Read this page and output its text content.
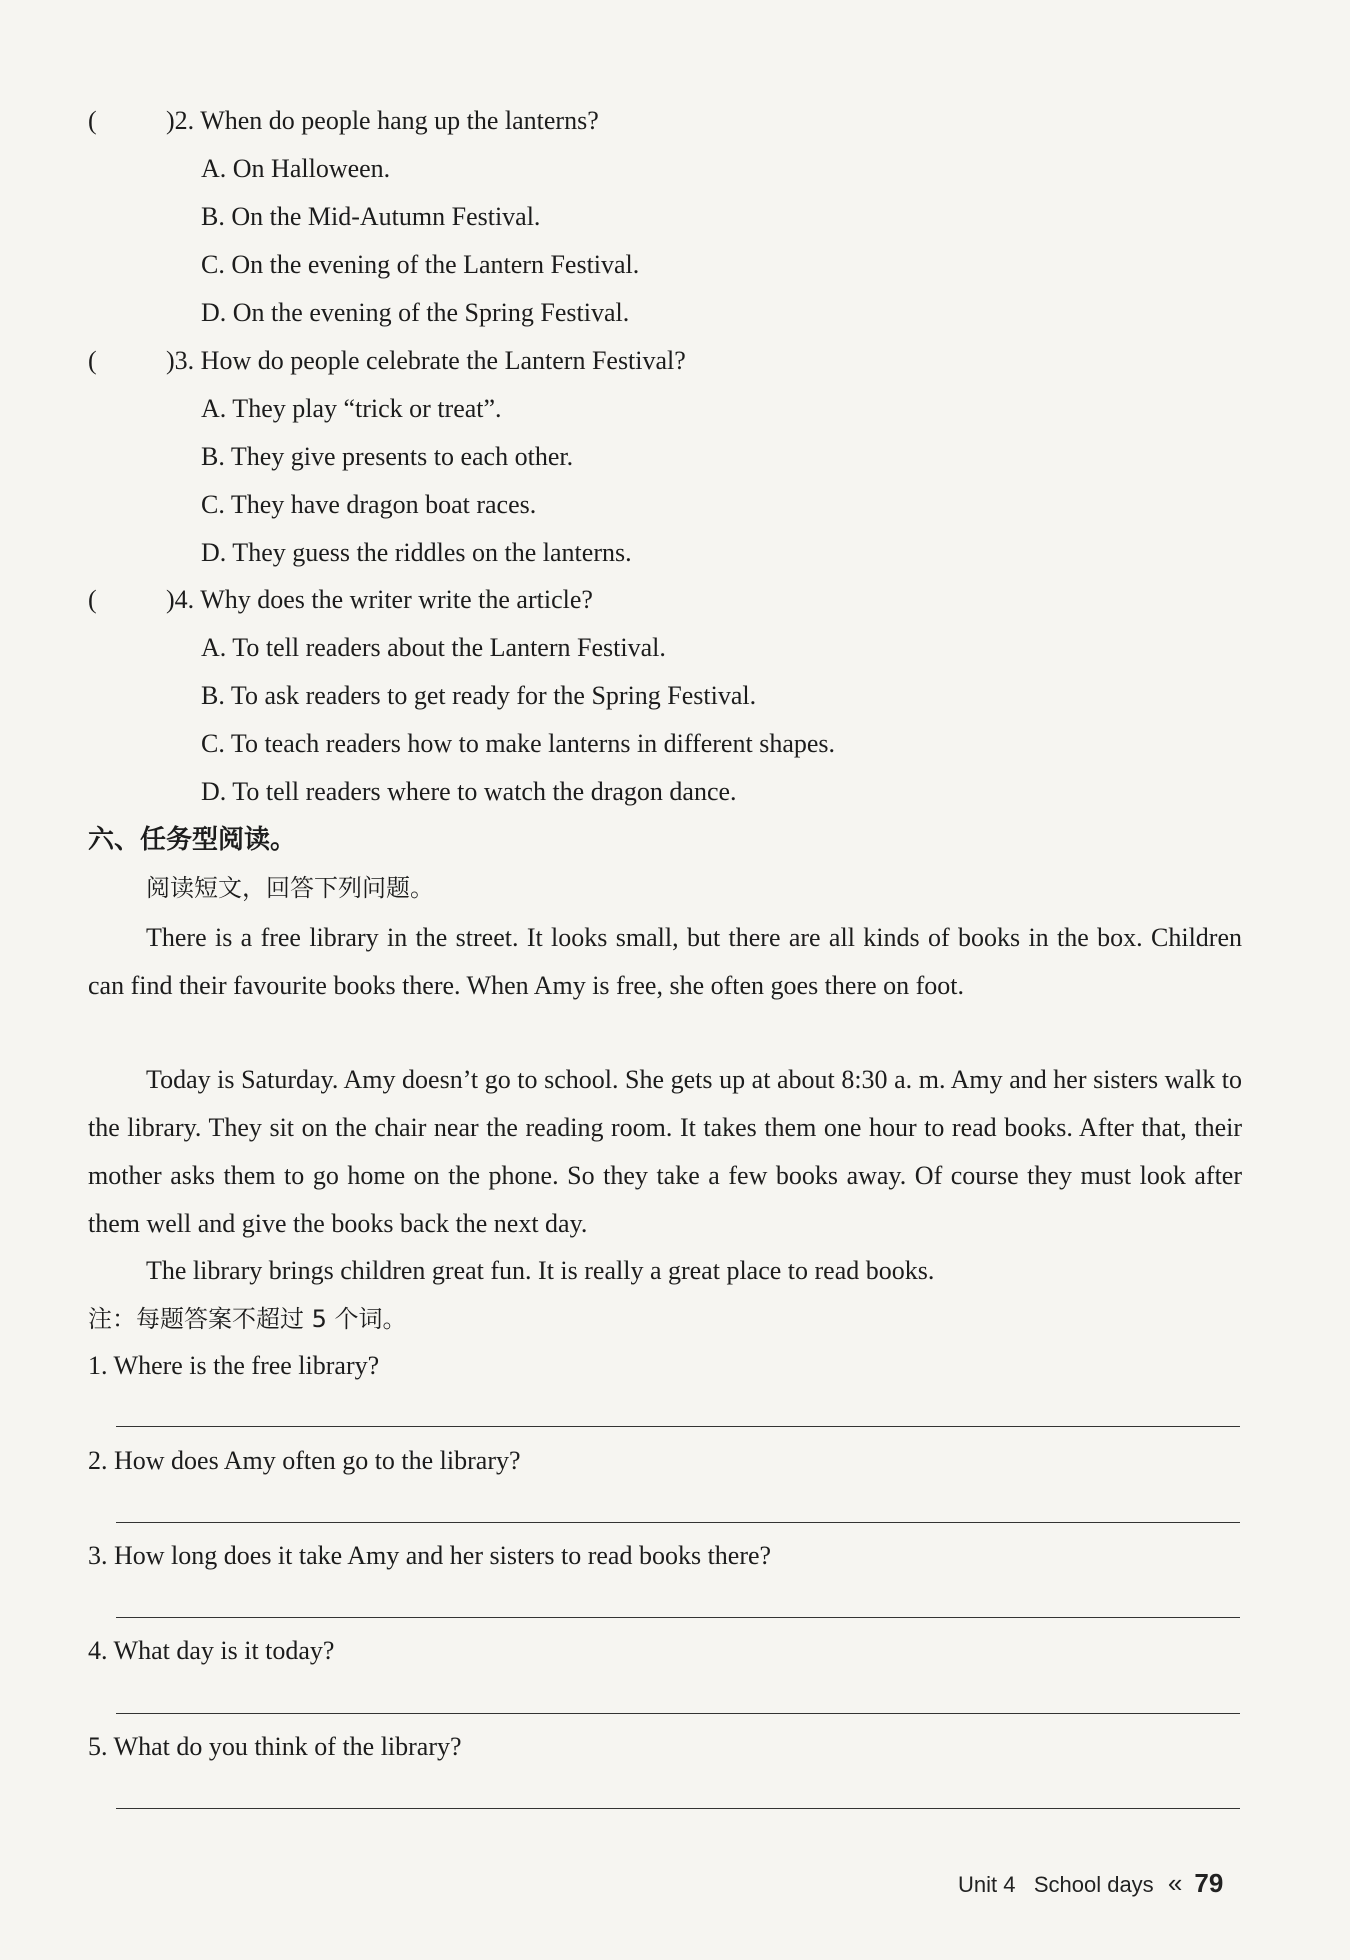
(	)2. When do people hang up the lanterns?
A. On Halloween.
B. On the Mid-Autumn Festival.
C. On the evening of the Lantern Festival.
D. On the evening of the Spring Festival.
(	)3. How do people celebrate the Lantern Festival?
A. They play “trick or treat”.
B. They give presents to each other.
C. They have dragon boat races.
D. They guess the riddles on the lanterns.
(	)4. Why does the writer write the article?
A. To tell readers about the Lantern Festival.
B. To ask readers to get ready for the Spring Festival.
C. To teach readers how to make lanterns in different shapes.
D. To tell readers where to watch the dragon dance.
六、任务型阅读。
阅读短文，回答下列问题。
There is a free library in the street. It looks small, but there are all kinds of books in the box. Children can find their favourite books there. When Amy is free, she often goes there on foot.
Today is Saturday. Amy doesn’t go to school. She gets up at about 8:30 a. m. Amy and her sisters walk to the library. They sit on the chair near the reading room. It takes them one hour to read books. After that, their mother asks them to go home on the phone. So they take a few books away. Of course they must look after them well and give the books back the next day.
The library brings children great fun. It is really a great place to read books.
注：每题答案不超过 5 个词。
1. Where is the free library?
2. How does Amy often go to the library?
3. How long does it take Amy and her sisters to read books there?
4. What day is it today?
5. What do you think of the library?
Unit 4 School days « 79
